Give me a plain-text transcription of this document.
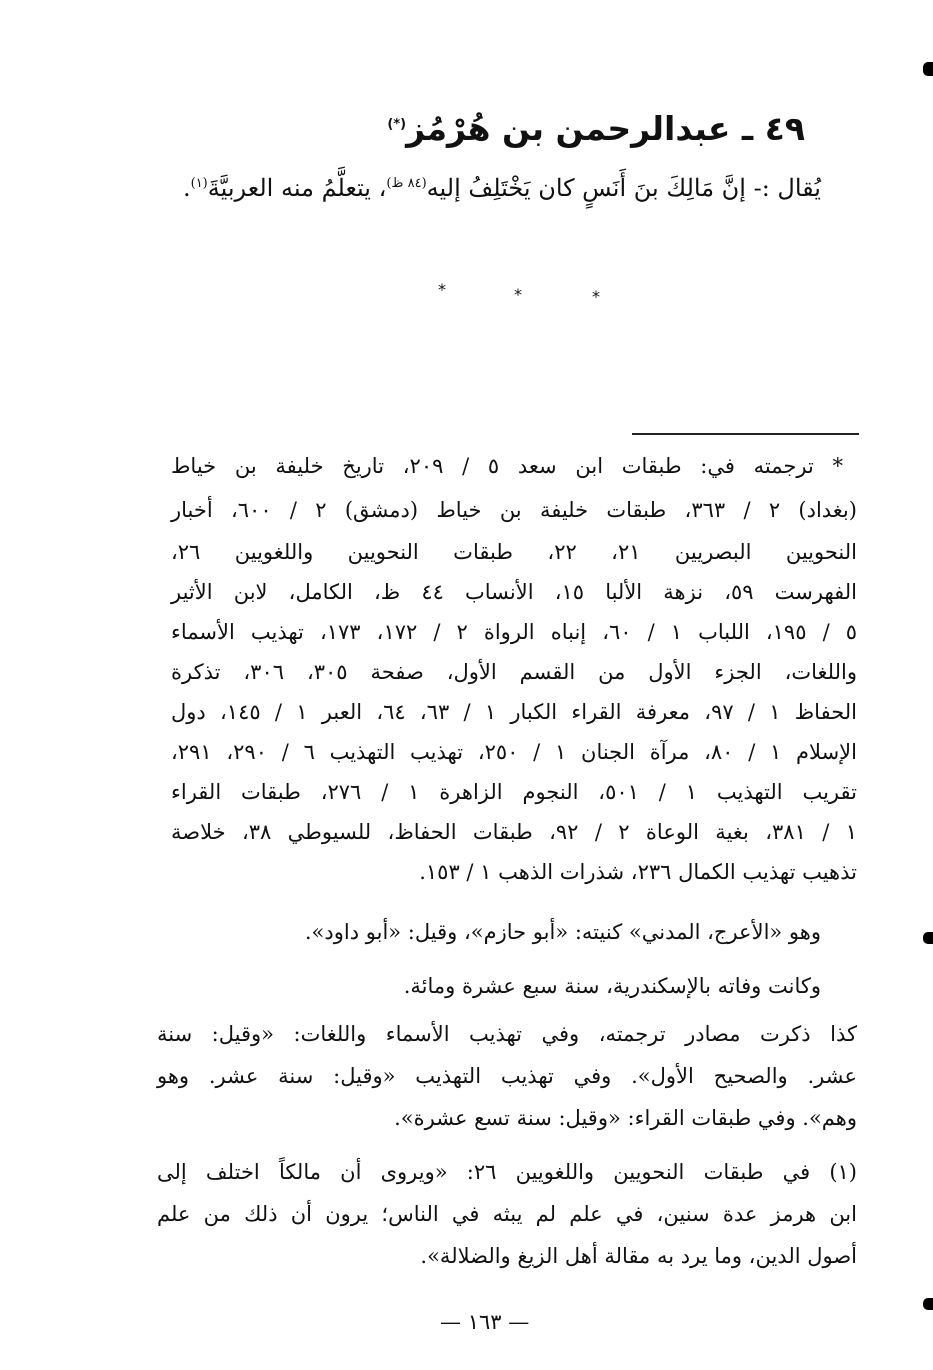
٤٩ ـ عبدالرحمن بن هُرْمُز(*)
يُقال :- إنَّ مَالِكَ بنَ أَنَسٍ كان يَخْتَلِفُ إليه$^{(٨٤ ظ)}$، يتعلَّمُ منه العربيَّةَ$^{(١)}$.
*	*	*
* ترجمته في: طبقات ابن سعد ٥ / ٢٠٩، تاريخ خليفة بن خياط
(بغداد) ٢ / ٣٦٣، طبقات خليفة بن خياط (دمشق) ٢ / ٦٠٠، أخبار
النحويين البصريين ٢١، ٢٢، طبقات النحويين واللغويين ٢٦،
الفهرست ٥٩، نزهة الألبا ١٥، الأنساب ٤٤ ظ، الكامل، لابن الأثير
٥ / ١٩٥، اللباب ١ / ٦٠، إنباه الرواة ٢ / ١٧٢، ١٧٣، تهذيب الأسماء
واللغات، الجزء الأول من القسم الأول، صفحة ٣٠٥، ٣٠٦، تذكرة
الحفاظ ١ / ٩٧، معرفة القراء الكبار ١ / ٦٣، ٦٤، العبر ١ / ١٤٥، دول
الإسلام ١ / ٨٠، مرآة الجنان ١ / ٢٥٠، تهذيب التهذيب ٦ / ٢٩٠، ٢٩١،
تقريب التهذيب ١ / ٥٠١، النجوم الزاهرة ١ / ٢٧٦، طبقات القراء
١ / ٣٨١، بغية الوعاة ٢ / ٩٢، طبقات الحفاظ، للسيوطي ٣٨، خلاصة
تذهيب تهذيب الكمال ٢٣٦، شذرات الذهب ١ / ١٥٣.
وهو «الأعرج، المدني» كنيته: «أبو حازم»، وقيل: «أبو داود».
وكانت وفاته بالإسكندرية، سنة سبع عشرة ومائة.
كذا ذكرت مصادر ترجمته، وفي تهذيب الأسماء واللغات: «وقيل: سنة
عشر. والصحيح الأول». وفي تهذيب التهذيب «وقيل: سنة عشر. وهو
وهم». وفي طبقات القراء: «وقيل: سنة تسع عشرة».
(١) في طبقات النحويين واللغويين ٢٦: «ويروى أن مالكاً اختلف إلى
ابن هرمز عدة سنين، في علم لم يبثه في الناس؛ يرون أن ذلك من علم
أصول الدين، وما يرد به مقالة أهل الزيغ والضلالة».
— ١٦٣ —
